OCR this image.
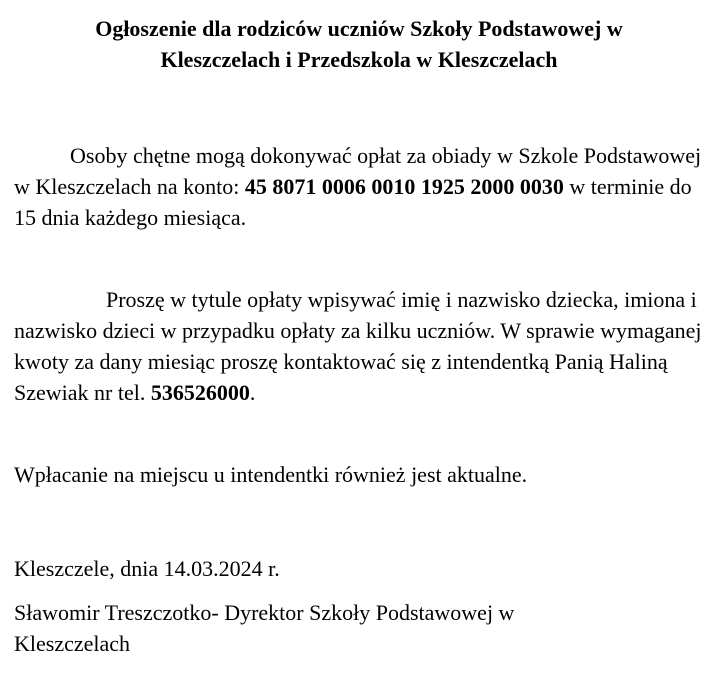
Ogłoszenie dla rodziców uczniów Szkoły Podstawowej w
Kleszczelach i Przedszkola w Kleszczelach

Osoby chętne mogą dokonywać opłat za obiady w Szkole Podstawowej w Kleszczelach na konto: 45 8071 0006 0010 1925 2000 0030 w terminie do 15 dnia każdego miesiąca.

Proszę w tytule opłaty wpisywać imię i nazwisko dziecka, imiona i nazwisko dzieci w przypadku opłaty za kilku uczniów. W sprawie wymaganej kwoty za dany miesiąc proszę kontaktować się z intendentką Panią Haliną Szewiak nr tel. 536526000.

Wpłacanie na miejscu u intendentki również jest aktualne.

Kleszczele, dnia 14.03.2024 r.

Sławomir Treszczotko- Dyrektor Szkoły Podstawowej w
Kleszczelach
